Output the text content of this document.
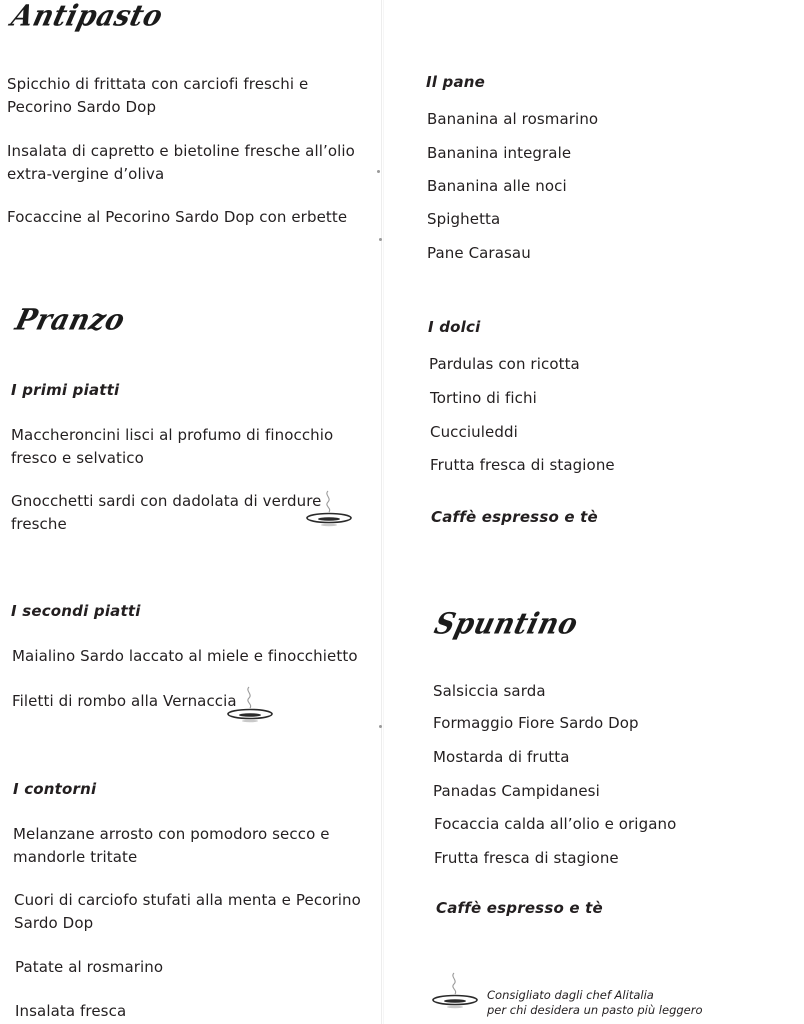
Antipasto

Spicchio di frittata con carciofi freschi e

Pecorino Sardo Dop

Insalata di capretto e bietoline fresche all’olio

extra-vergine d’oliva

Focaccine al Pecorino Sardo Dop con erbette

Pranzo

I primi piatti

Maccheroncini lisci al profumo di finocchio

fresco e selvatico

Gnocchetti sardi con dadolata di verdure

fresche

I secondi piatti

Maialino Sardo laccato al miele e finocchietto

Filetti di rombo alla Vernaccia

I contorni

Melanzane arrosto con pomodoro secco e

mandorle tritate

Cuori di carciofo stufati alla menta e Pecorino

Sardo Dop

Patate al rosmarino

Insalata fresca

Il pane

Bananina al rosmarino

Bananina integrale

Bananina alle noci

Spighetta

Pane Carasau

I dolci

Pardulas con ricotta

Tortino di fichi

Cucciuleddi

Frutta fresca di stagione

Caffè espresso e tè

Spuntino

Salsiccia sarda

Formaggio Fiore Sardo Dop

Mostarda di frutta

Panadas Campidanesi

Focaccia calda all’olio e origano

Frutta fresca di stagione

Caffè espresso e tè

Consigliato dagli chef Alitalia

per chi desidera un pasto più leggero
